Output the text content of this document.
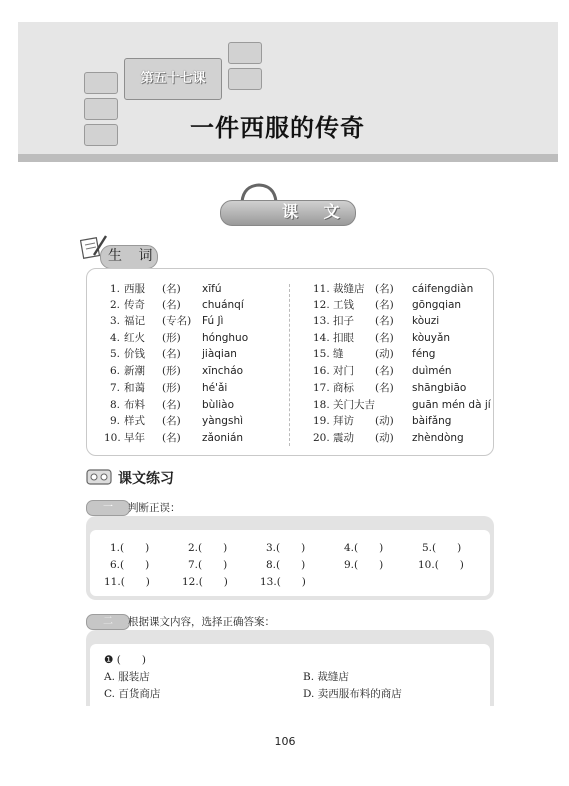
第五十七课
一件西服的传奇
课 文
生 词
1. 西服 (名) xīfú
2. 传奇 (名) chuánqí
3. 福记 (专名) Fú Jì
4. 红火 (形) hónghuo
5. 价钱 (名) jiàqian
6. 新潮 (形) xīncháo
7. 和蔼 (形) hé'ǎi
8. 布料 (名) bùliào
9. 样式 (名) yàngshì
10. 早年 (名) zǎonián
11. 裁缝店 (名) cáifengdiàn
12. 工钱 (名) gōngqian
13. 扣子 (名) kòuzi
14. 扣眼 (名) kòuyǎn
15. 缝	(动) féng
16. 对门 (名) duìmén
17. 商标 (名) shāngbiāo
18. 关门大吉	guān mén dà jí
19. 拜访 (动) bàifǎng
20. 震动 (动) zhèndòng
课文练习
一	判断正误：
1.(　　)	2.(　　)	3.(　　)	4.(　　)	5.(　　)
6.(　　)	7.(　　)	8.(　　)	9.(　　)	10.(　　)
11.(　　)	12.(　　)	13.(　　)
二	根据课文内容，选择正确答案：
❶ (　　)
A. 服装店	B. 裁缝店
C. 百货商店	D. 卖西服布料的商店
106
